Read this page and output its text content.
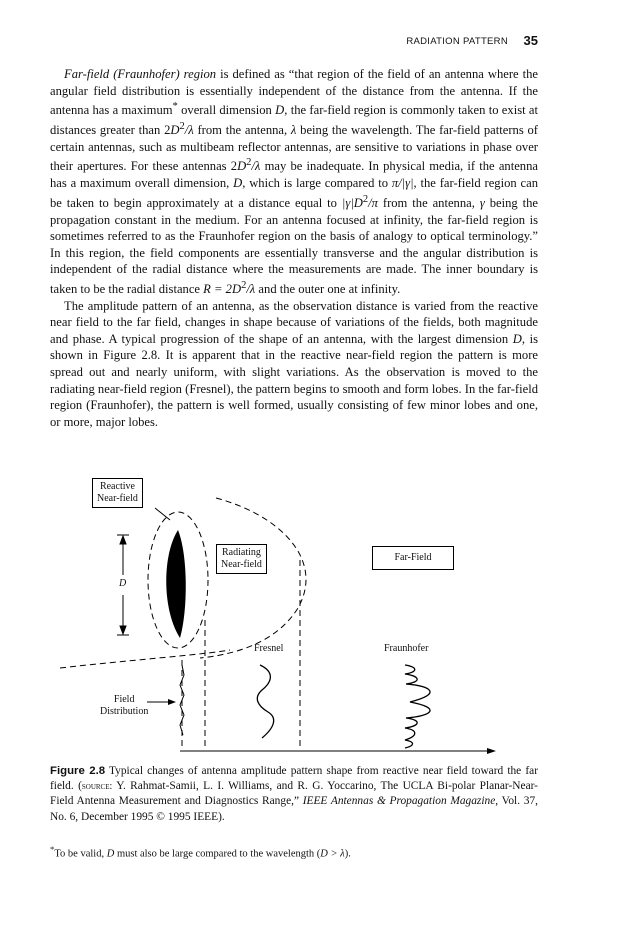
RADIATION PATTERN 35

Far-field (Fraunhofer) region is defined as “that region of the field of an antenna where the angular field distribution is essentially independent of the distance from the antenna. If the antenna has a maximum* overall dimension D, the far-field region is commonly taken to exist at distances greater than $2D^2/\lambda$ from the antenna, λ being the wavelength. The far-field patterns of certain antennas, such as multibeam reflector antennas, are sensitive to variations in phase over their apertures. For these antennas $2D^2/\lambda$ may be inadequate. In physical media, if the antenna has a maximum overall dimension, D, which is large compared to π/|γ|, the far-field region can be taken to begin approximately at a distance equal to $|\gamma|D^2/\pi$ from the antenna, γ being the propagation constant in the medium. For an antenna focused at infinity, the far-field region is sometimes referred to as the Fraunhofer region on the basis of analogy to optical terminology.” In this region, the field components are essentially transverse and the angular distribution is independent of the radial distance where the measurements are made. The inner boundary is taken to be the radial distance $R = 2D^2/\lambda$ and the outer one at infinity.

The amplitude pattern of an antenna, as the observation distance is varied from the reactive near field to the far field, changes in shape because of variations of the fields, both magnitude and phase. A typical progression of the shape of an antenna, with the largest dimension D, is shown in Figure 2.8. It is apparent that in the reactive near-field region the pattern is more spread out and nearly uniform, with slight variations. As the observation is moved to the radiating near-field region (Fresnel), the pattern begins to smooth and form lobes. In the far-field region (Fraunhofer), the pattern is well formed, usually consisting of few minor lobes and one, or more, major lobes.

Reactive
Near-field
Radiating
Near-field
Far-Field
D
Fresnel	Fraunhofer
Field
Distribution
Figure 2.8 Typical changes of antenna amplitude pattern shape from reactive near field toward the far field. (source: Y. Rahmat-Samii, L. I. Williams, and R. G. Yoccarino, The UCLA Bi-polar Planar-Near-Field Antenna Measurement and Diagnostics Range,” IEEE Antennas & Propagation Magazine, Vol. 37, No. 6, December 1995 © 1995 IEEE).
*To be valid, D must also be large compared to the wavelength (D > λ).
